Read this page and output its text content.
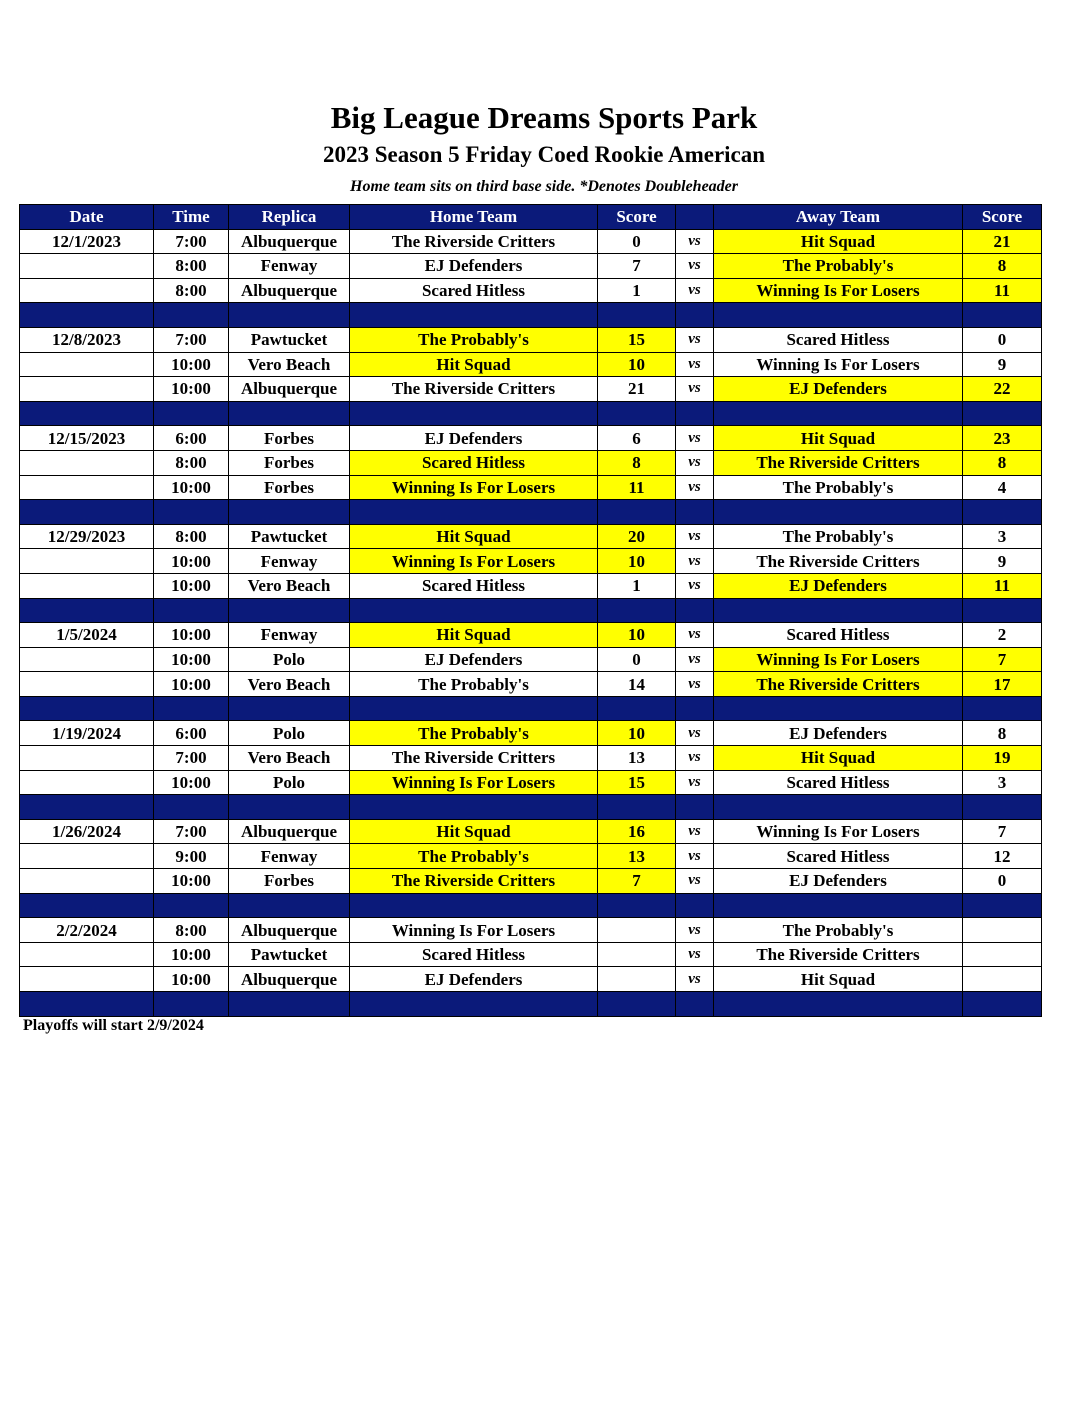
Big League Dreams Sports Park
2023 Season 5 Friday Coed Rookie American
Home team sits on third base side. *Denotes Doubleheader
Date	Time	Replica	Home Team	Score		Away Team	Score
12/1/2023	7:00	Albuquerque	The Riverside Critters	0	vs	Hit Squad	21
	8:00	Fenway	EJ Defenders	7	vs	The Probably's	8
	8:00	Albuquerque	Scared Hitless	1	vs	Winning Is For Losers	11

12/8/2023	7:00	Pawtucket	The Probably's	15	vs	Scared Hitless	0
	10:00	Vero Beach	Hit Squad	10	vs	Winning Is For Losers	9
	10:00	Albuquerque	The Riverside Critters	21	vs	EJ Defenders	22

12/15/2023	6:00	Forbes	EJ Defenders	6	vs	Hit Squad	23
	8:00	Forbes	Scared Hitless	8	vs	The Riverside Critters	8
	10:00	Forbes	Winning Is For Losers	11	vs	The Probably's	4

12/29/2023	8:00	Pawtucket	Hit Squad	20	vs	The Probably's	3
	10:00	Fenway	Winning Is For Losers	10	vs	The Riverside Critters	9
	10:00	Vero Beach	Scared Hitless	1	vs	EJ Defenders	11

1/5/2024	10:00	Fenway	Hit Squad	10	vs	Scared Hitless	2
	10:00	Polo	EJ Defenders	0	vs	Winning Is For Losers	7
	10:00	Vero Beach	The Probably's	14	vs	The Riverside Critters	17

1/19/2024	6:00	Polo	The Probably's	10	vs	EJ Defenders	8
	7:00	Vero Beach	The Riverside Critters	13	vs	Hit Squad	19
	10:00	Polo	Winning Is For Losers	15	vs	Scared Hitless	3

1/26/2024	7:00	Albuquerque	Hit Squad	16	vs	Winning Is For Losers	7
	9:00	Fenway	The Probably's	13	vs	Scared Hitless	12
	10:00	Forbes	The Riverside Critters	7	vs	EJ Defenders	0

2/2/2024	8:00	Albuquerque	Winning Is For Losers		vs	The Probably's	
	10:00	Pawtucket	Scared Hitless		vs	The Riverside Critters	
	10:00	Albuquerque	EJ Defenders		vs	Hit Squad	

Playoffs will start 2/9/2024
